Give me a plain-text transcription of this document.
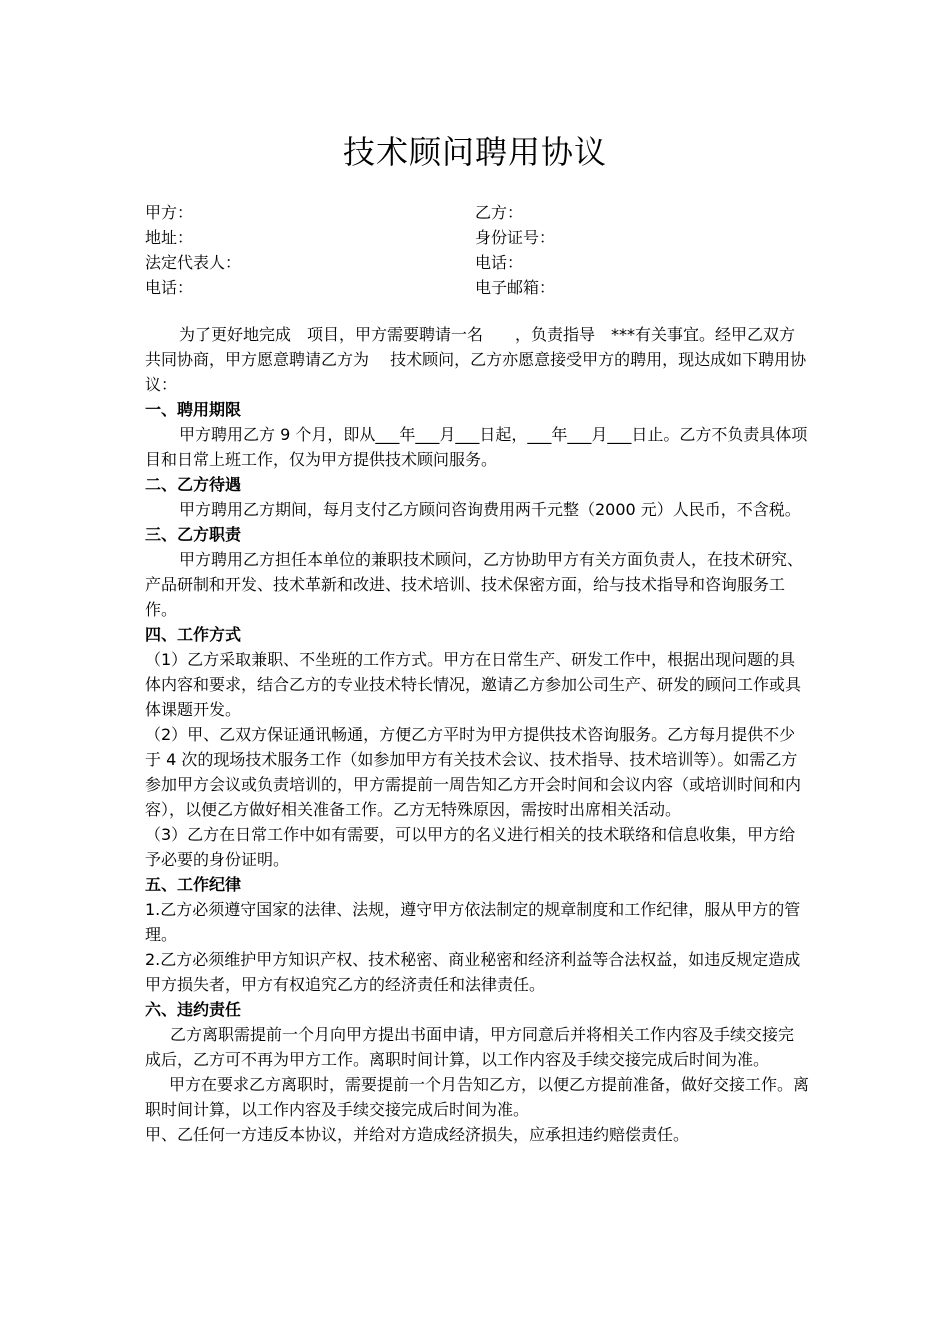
技术顾问聘用协议
甲方：	乙方：
地址：	身份证号：
法定代表人：	电话：
电话：	电子邮箱：

为了更好地完成　项目，甲方需要聘请一名　　，负责指导　***有关事宜。经甲乙双方共同协商，甲方愿意聘请乙方为　 技术顾问，乙方亦愿意接受甲方的聘用，现达成如下聘用协议：

一、聘用期限

甲方聘用乙方 9 个月，即从___年___月___日起，___年___月___日止。乙方不负责具体项目和日常上班工作，仅为甲方提供技术顾问服务。

二、乙方待遇

甲方聘用乙方期间，每月支付乙方顾问咨询费用两千元整（2000 元）人民币，不含税。

三、乙方职责

甲方聘用乙方担任本单位的兼职技术顾问，乙方协助甲方有关方面负责人，在技术研究、产品研制和开发、技术革新和改进、技术培训、技术保密方面，给与技术指导和咨询服务工作。

四、工作方式

（1）乙方采取兼职、不坐班的工作方式。甲方在日常生产、研发工作中，根据出现问题的具体内容和要求，结合乙方的专业技术特长情况，邀请乙方参加公司生产、研发的顾问工作或具体课题开发。

（2）甲、乙双方保证通讯畅通，方便乙方平时为甲方提供技术咨询服务。乙方每月提供不少于 4 次的现场技术服务工作（如参加甲方有关技术会议、技术指导、技术培训等）。如需乙方参加甲方会议或负责培训的，甲方需提前一周告知乙方开会时间和会议内容（或培训时间和内容），以便乙方做好相关准备工作。乙方无特殊原因，需按时出席相关活动。

（3）乙方在日常工作中如有需要，可以甲方的名义进行相关的技术联络和信息收集，甲方给予必要的身份证明。

五、工作纪律

1.乙方必须遵守国家的法律、法规，遵守甲方依法制定的规章制度和工作纪律，服从甲方的管理。

2.乙方必须维护甲方知识产权、技术秘密、商业秘密和经济利益等合法权益，如违反规定造成甲方损失者，甲方有权追究乙方的经济责任和法律责任。

六、违约责任

乙方离职需提前一个月向甲方提出书面申请，甲方同意后并将相关工作内容及手续交接完成后，乙方可不再为甲方工作。离职时间计算，以工作内容及手续交接完成后时间为准。

甲方在要求乙方离职时，需要提前一个月告知乙方，以便乙方提前准备，做好交接工作。离职时间计算，以工作内容及手续交接完成后时间为准。

甲、乙任何一方违反本协议，并给对方造成经济损失，应承担违约赔偿责任。
